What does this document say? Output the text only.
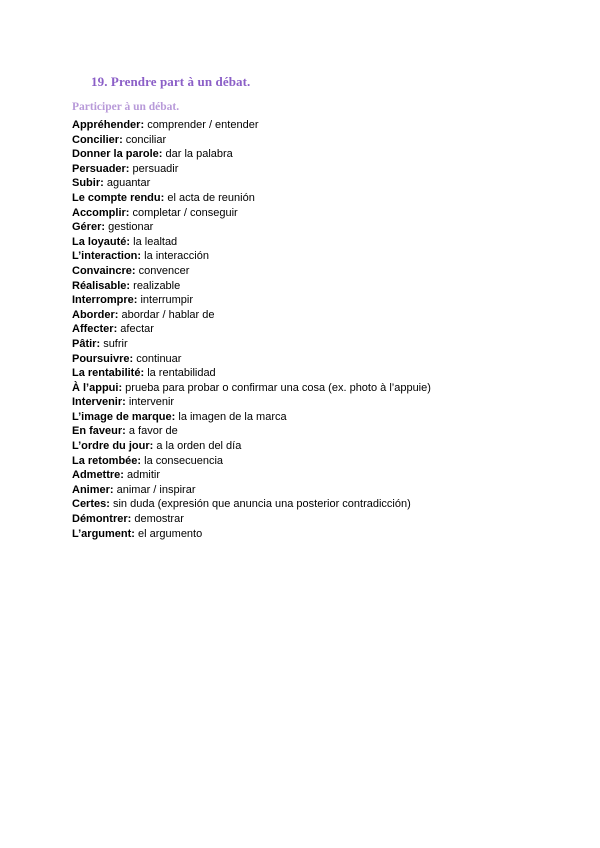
19. Prendre part à un débat.
Participer à un débat.
Appréhender: comprender / entender
Concilier: conciliar
Donner la parole: dar la palabra
Persuader: persuadir
Subir: aguantar
Le compte rendu: el acta de reunión
Accomplir: completar / conseguir
Gérer: gestionar
La loyauté: la lealtad
L’interaction: la interacción
Convaincre: convencer
Réalisable: realizable
Interrompre: interrumpir
Aborder: abordar / hablar de
Affecter: afectar
Pâtir: sufrir
Poursuivre: continuar
La rentabilité: la rentabilidad
À l’appui: prueba para probar o confirmar una cosa (ex. photo à l’appuie)
Intervenir: intervenir
L’image de marque: la imagen de la marca
En faveur: a favor de
L’ordre du jour: a la orden del día
La retombée: la consecuencia
Admettre: admitir
Animer: animar / inspirar
Certes: sin duda (expresión que anuncia una posterior contradicción)
Démontrer: demostrar
L’argument: el argumento
